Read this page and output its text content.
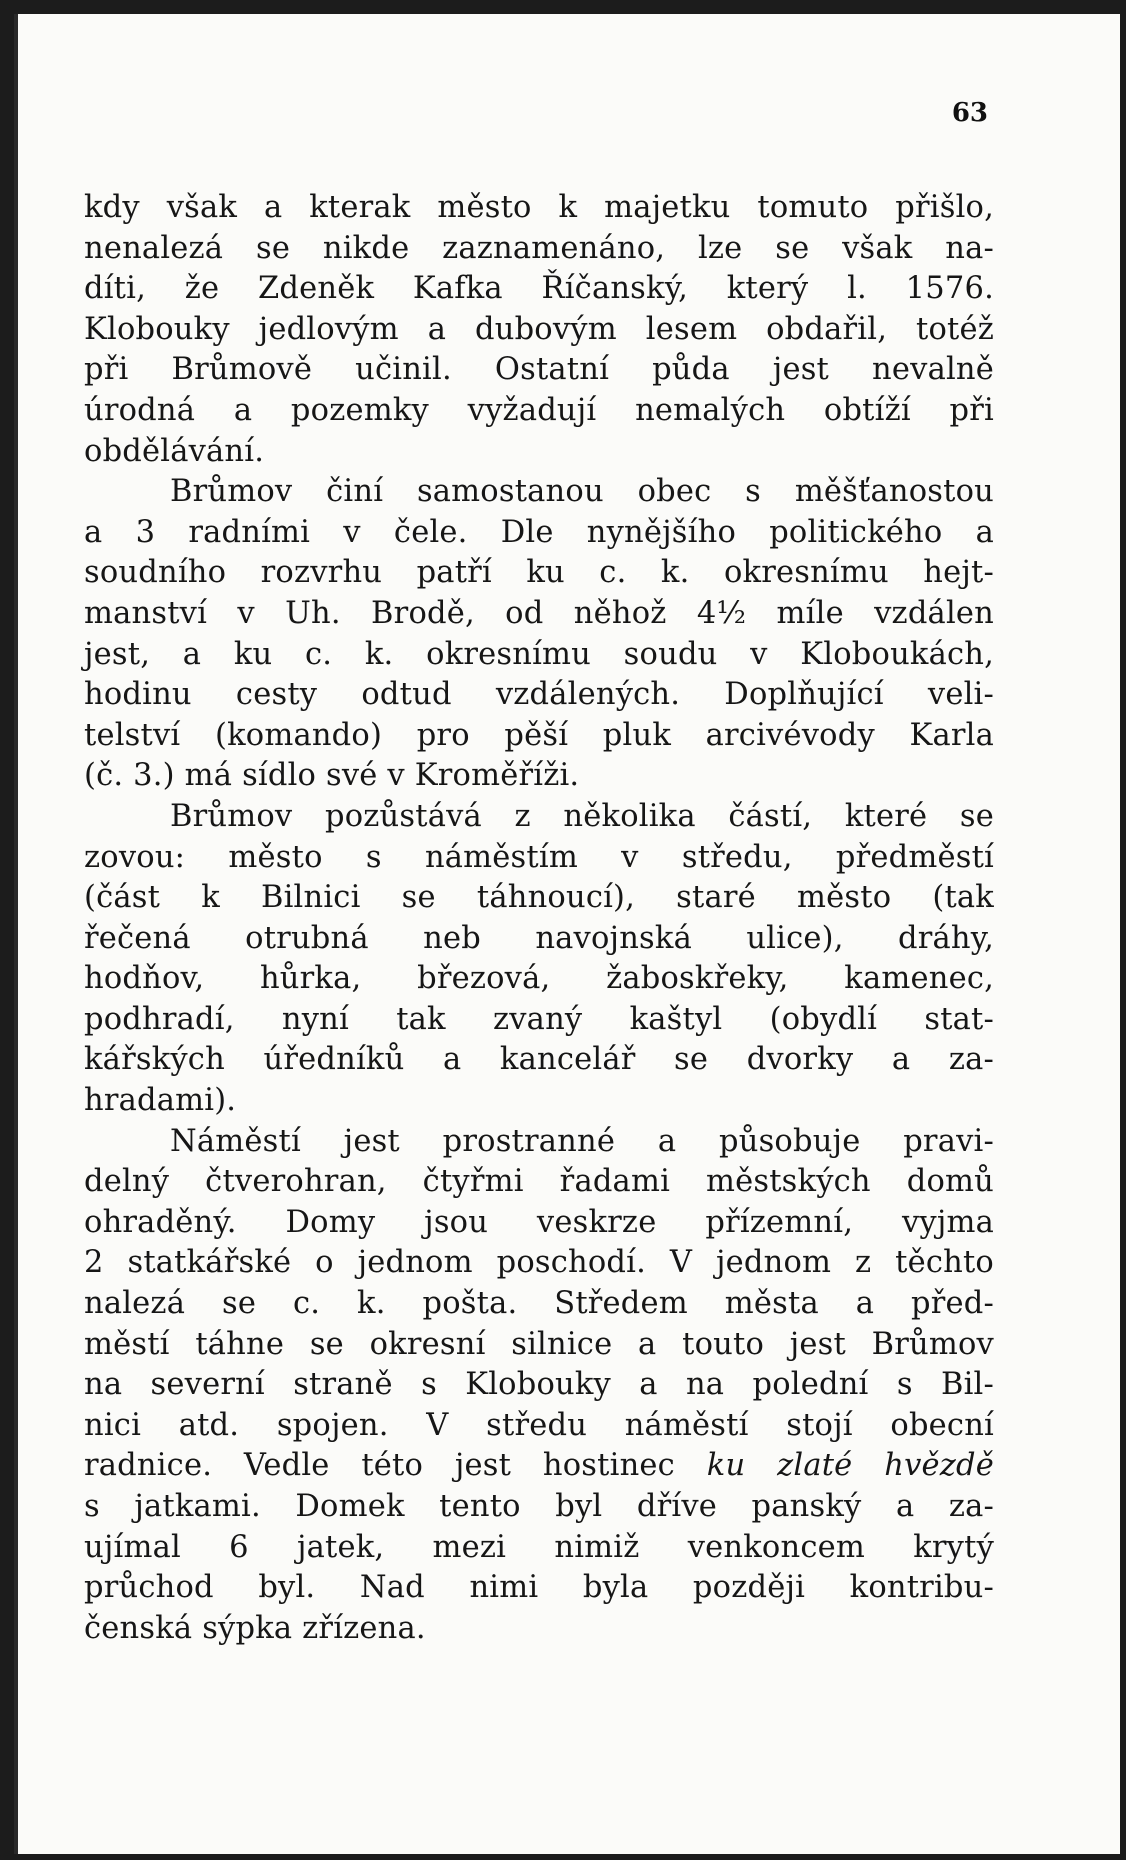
63

kdy však a kterak město k majetku tomuto přišlo,
nenalezá se nikde zaznamenáno, lze se však na-
díti, že Zdeněk Kafka Říčanský, který l. 1576.
Klobouky jedlovým a dubovým lesem obdařil, totéž
při Brůmově učinil. Ostatní půda jest nevalně
úrodná a pozemky vyžadují nemalých obtíží při
obdělávání.

Brůmov činí samostanou obec s měšťanostou
a 3 radními v čele. Dle nynějšího politického a
soudního rozvrhu patří ku c. k. okresnímu hejt-
manství v Uh. Brodě, od něhož 4½ míle vzdálen
jest, a ku c. k. okresnímu soudu v Kloboukách,
hodinu cesty odtud vzdálených. Doplňující veli-
telství (komando) pro pěší pluk arcivévody Karla
(č. 3.) má sídlo své v Kroměříži.

Brůmov pozůstává z několika částí, které se
zovou: město s náměstím v středu, předměstí
(část k Bilnici se táhnoucí), staré město (tak
řečená otrubná neb navojnská ulice), dráhy,
hodňov, hůrka, březová, žaboskřeky, kamenec,
podhradí, nyní tak zvaný kaštyl (obydlí stat-
kářských úředníků a kancelář se dvorky a za-
hradami).

Náměstí jest prostranné a působuje pravi-
delný čtverohran, čtyřmi řadami městských domů
ohraděný. Domy jsou veskrze přízemní, vyjma
2 statkářské o jednom poschodí. V jednom z těchto
nalezá se c. k. pošta. Středem města a před-
městí táhne se okresní silnice a touto jest Brůmov
na severní straně s Klobouky a na polední s Bil-
nici atd. spojen. V středu náměstí stojí obecní
radnice. Vedle této jest hostinec ku zlaté hvězdě
s jatkami. Domek tento byl dříve panský a za-
ujímal 6 jatek, mezi nimiž venkoncem krytý
průchod byl. Nad nimi byla později kontribu-
čenská sýpka zřízena.
